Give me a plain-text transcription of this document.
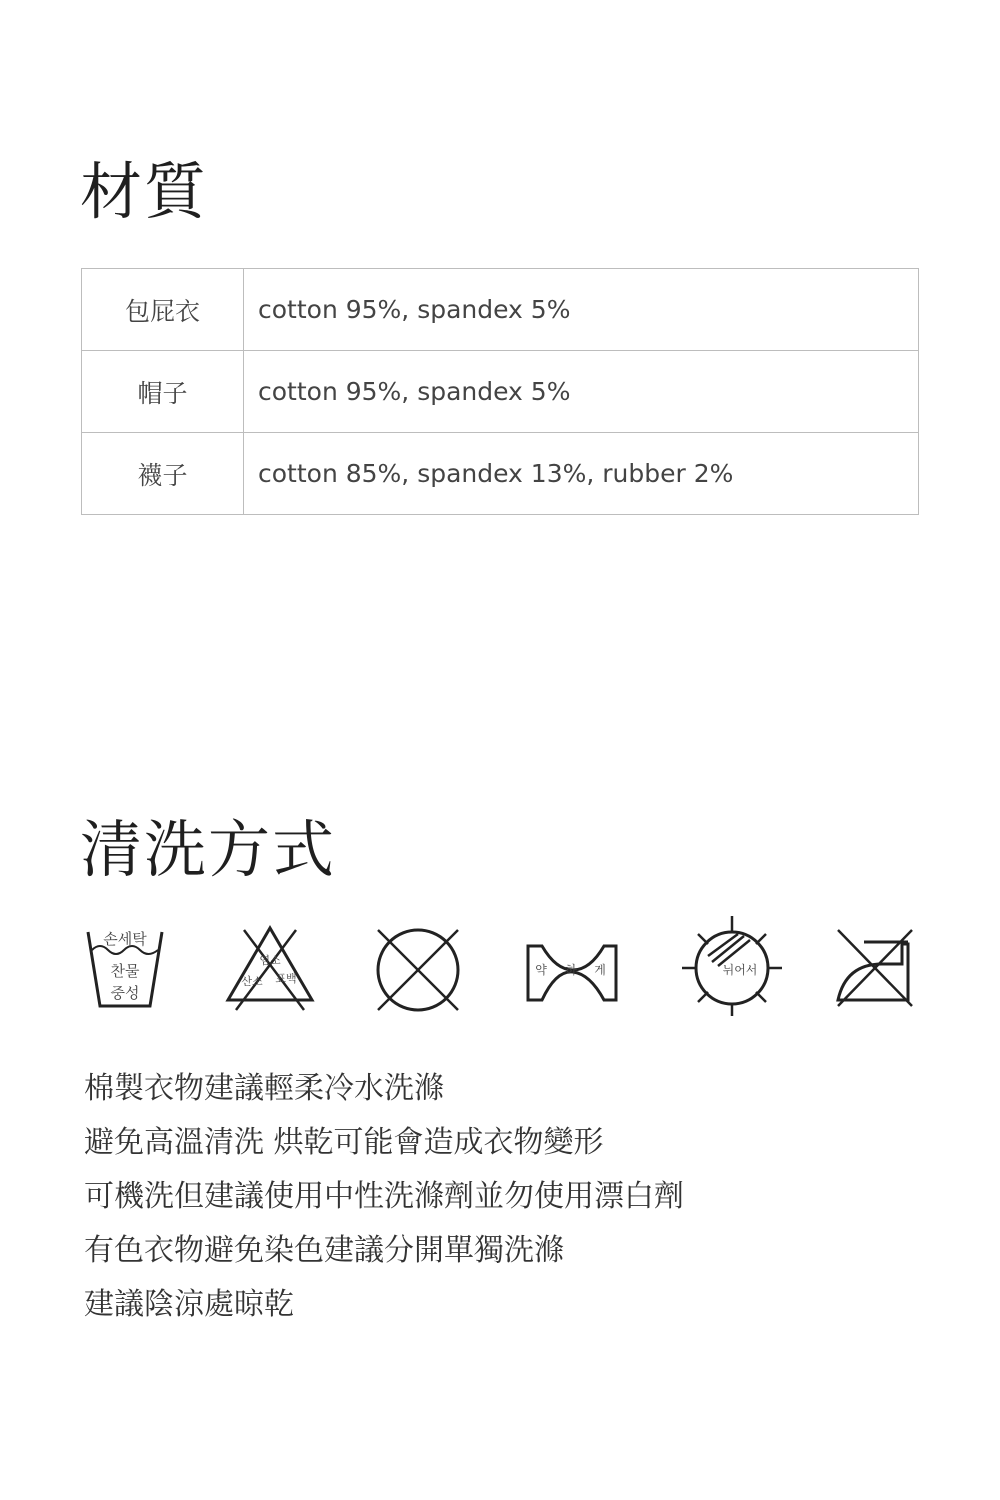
材質
包屁衣	cotton 95%, spandex 5%
帽子	cotton 95%, spandex 5%
襪子	cotton 85%, spandex 13%, rubber 2%
清洗方式
손세탁
찬물
중성
염소
산소 표백
약 하 게	뉘어서
棉製衣物建議輕柔冷水洗滌
避免高溫清洗 烘乾可能會造成衣物變形
可機洗但建議使用中性洗滌劑並勿使用漂白劑
有色衣物避免染色建議分開單獨洗滌
建議陰涼處晾乾
